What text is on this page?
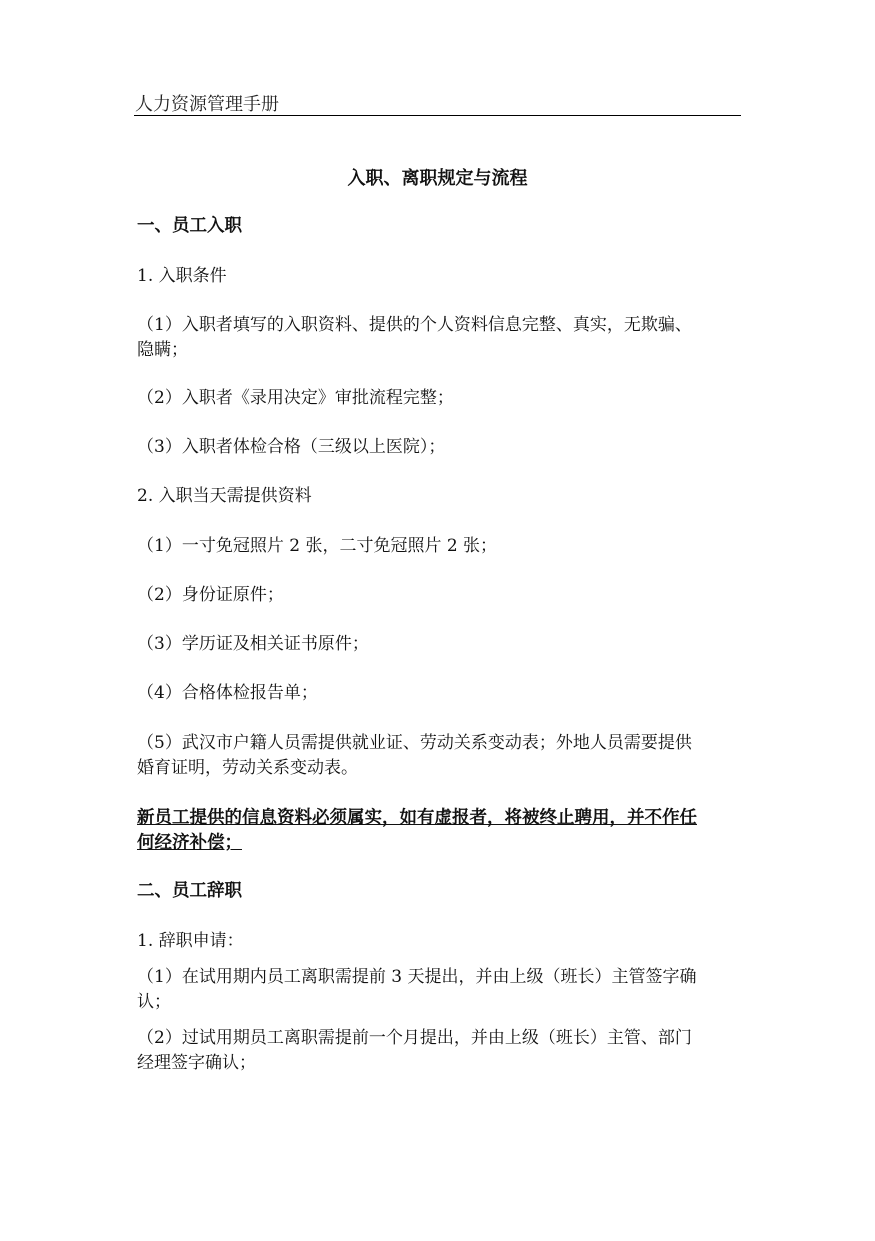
人力资源管理手册
入职、离职规定与流程
一、员工入职
1. 入职条件
（1）入职者填写的入职资料、提供的个人资料信息完整、真实，无欺骗、
隐瞒；
（2）入职者《录用决定》审批流程完整；
（3）入职者体检合格（三级以上医院）；
2. 入职当天需提供资料
（1）一寸免冠照片 2 张，二寸免冠照片 2 张；
（2）身份证原件；
（3）学历证及相关证书原件；
（4）合格体检报告单；
（5）武汉市户籍人员需提供就业证、劳动关系变动表；外地人员需要提供
婚育证明，劳动关系变动表。
新员工提供的信息资料必须属实，如有虚报者，将被终止聘用，并不作任
何经济补偿；
二、员工辞职
1. 辞职申请：
（1）在试用期内员工离职需提前 3 天提出，并由上级（班长）主管签字确
认；
（2）过试用期员工离职需提前一个月提出，并由上级（班长）主管、部门
经理签字确认；
